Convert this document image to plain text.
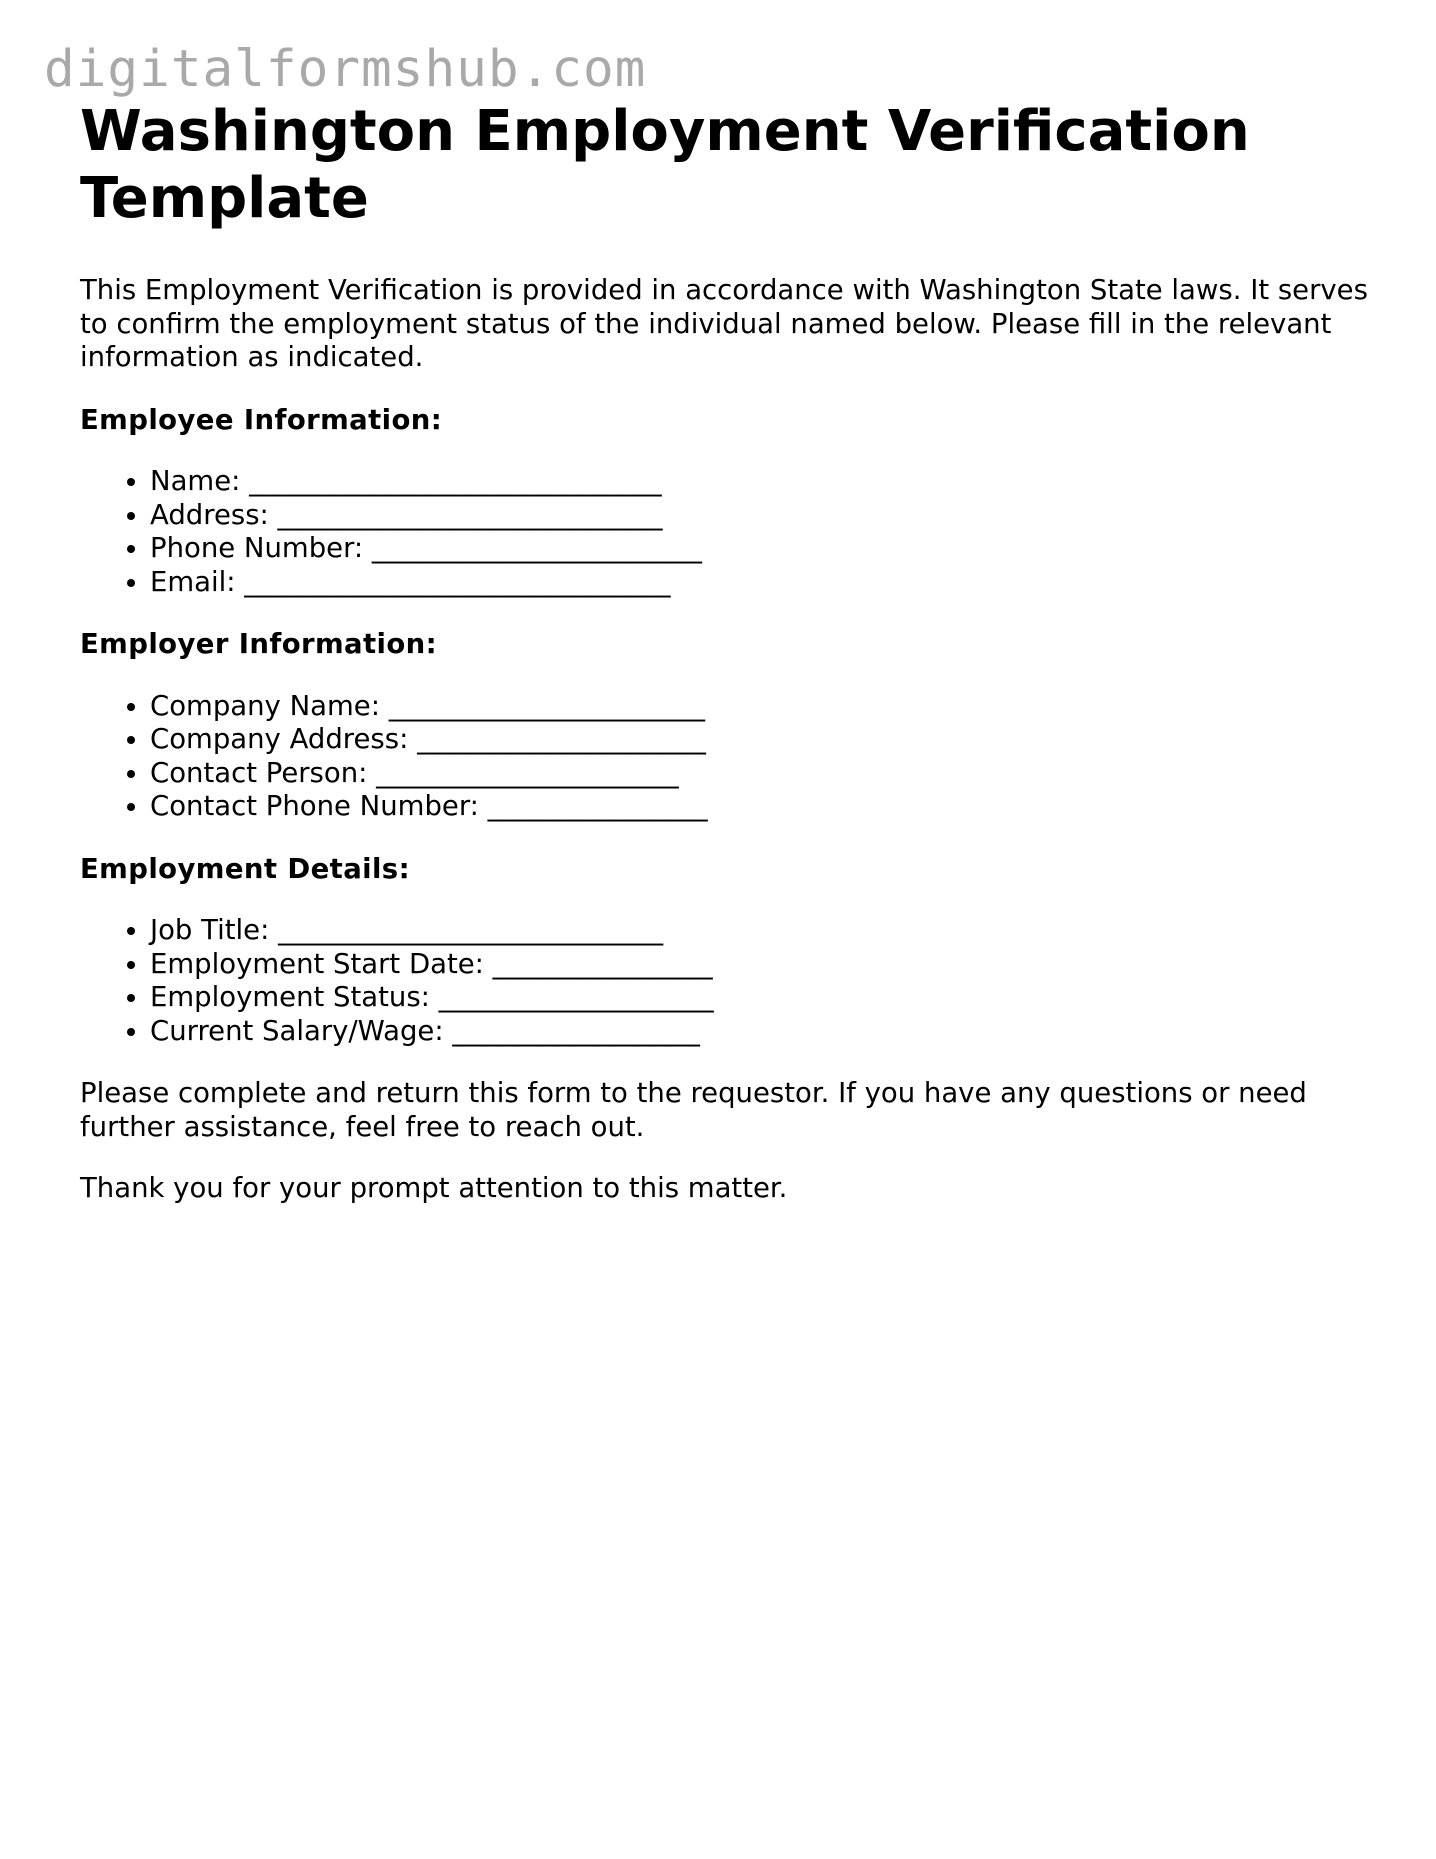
digitalformshub.com
Washington Employment Verification Template

This Employment Verification is provided in accordance with Washington State laws. It serves to confirm the employment status of the individual named below. Please fill in the relevant information as indicated.

Employee Information:
• Name: ______________________________
• Address: ____________________________
• Phone Number: ________________________
• Email: _______________________________
Employer Information:
• Company Name: _______________________
• Company Address: _____________________
• Contact Person: ______________________
• Contact Phone Number: ________________
Employment Details:
• Job Title: ____________________________
• Employment Start Date: ________________
• Employment Status: ____________________
• Current Salary/Wage: __________________

Please complete and return this form to the requestor. If you have any questions or need further assistance, feel free to reach out.

Thank you for your prompt attention to this matter.
